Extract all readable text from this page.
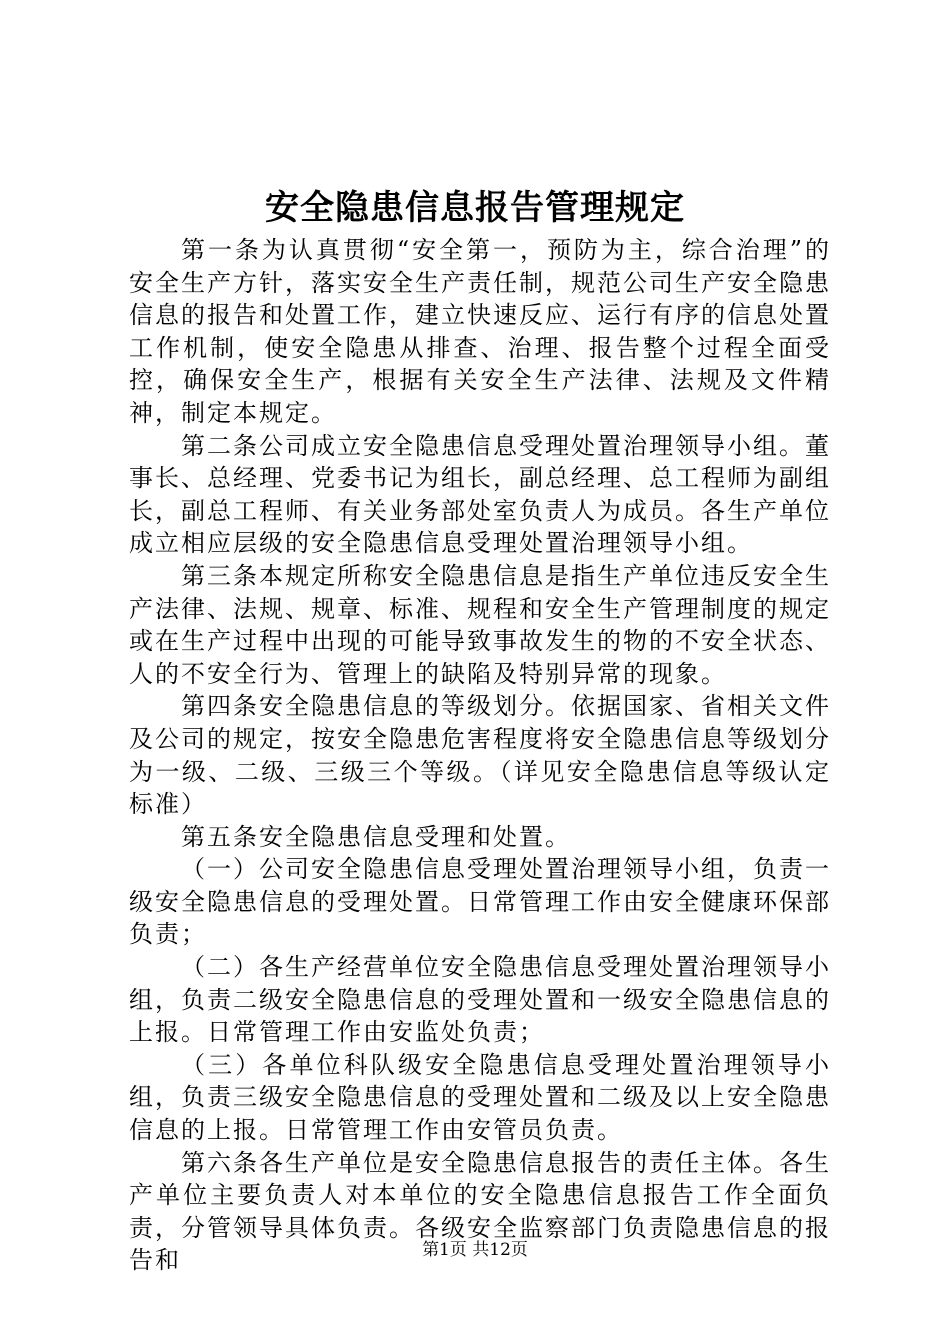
安全隐患信息报告管理规定

第一条为认真贯彻“安全第一，预防为主，综合治理”的安全生产方针，落实安全生产责任制，规范公司生产安全隐患信息的报告和处置工作，建立快速反应、运行有序的信息处置工作机制，使安全隐患从排查、治理、报告整个过程全面受控，确保安全生产，根据有关安全生产法律、法规及文件精神，制定本规定。

第二条公司成立安全隐患信息受理处置治理领导小组。董事长、总经理、党委书记为组长，副总经理、总工程师为副组长，副总工程师、有关业务部处室负责人为成员。各生产单位成立相应层级的安全隐患信息受理处置治理领导小组。

第三条本规定所称安全隐患信息是指生产单位违反安全生产法律、法规、规章、标准、规程和安全生产管理制度的规定或在生产过程中出现的可能导致事故发生的物的不安全状态、人的不安全行为、管理上的缺陷及特别异常的现象。

第四条安全隐患信息的等级划分。依据国家、省相关文件及公司的规定，按安全隐患危害程度将安全隐患信息等级划分为一级、二级、三级三个等级。（详见安全隐患信息等级认定标准）

第五条安全隐患信息受理和处置。

（一）公司安全隐患信息受理处置治理领导小组，负责一级安全隐患信息的受理处置。日常管理工作由安全健康环保部负责；

（二）各生产经营单位安全隐患信息受理处置治理领导小组，负责二级安全隐患信息的受理处置和一级安全隐患信息的上报。日常管理工作由安监处负责；

（三）各单位科队级安全隐患信息受理处置治理领导小组，负责三级安全隐患信息的受理处置和二级及以上安全隐患信息的上报。日常管理工作由安管员负责。

第六条各生产单位是安全隐患信息报告的责任主体。各生产单位主要负责人对本单位的安全隐患信息报告工作全面负责，分管领导具体负责。各级安全监察部门负责隐患信息的报告和	第1页 共12页
